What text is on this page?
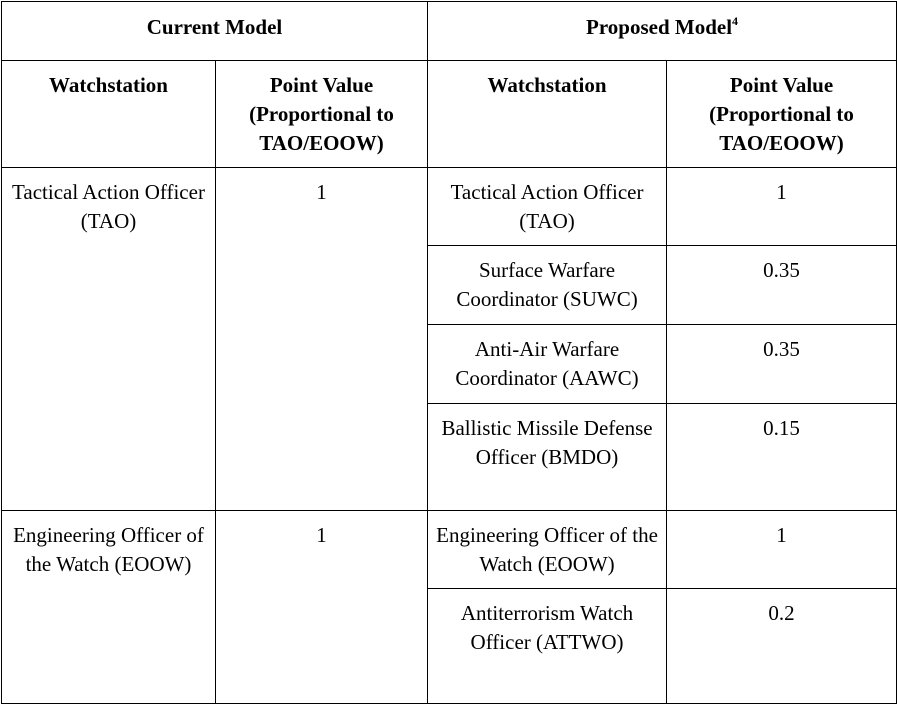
Current Model		Proposed Model$^4$
Watchstation	Point Value (Proportional to TAO/EOOW)	Watchstation	Point Value (Proportional to TAO/EOOW)
Tactical Action Officer (TAO)	1	Tactical Action Officer (TAO)	1
		Surface Warfare Coordinator (SUWC)	0.35
		Anti-Air Warfare Coordinator (AAWC)	0.35
		Ballistic Missile Defense Officer (BMDO)	0.15
Engineering Officer of the Watch (EOOW)	1	Engineering Officer of the Watch (EOOW)	1
		Antiterrorism Watch Officer (ATTWO)	0.2
